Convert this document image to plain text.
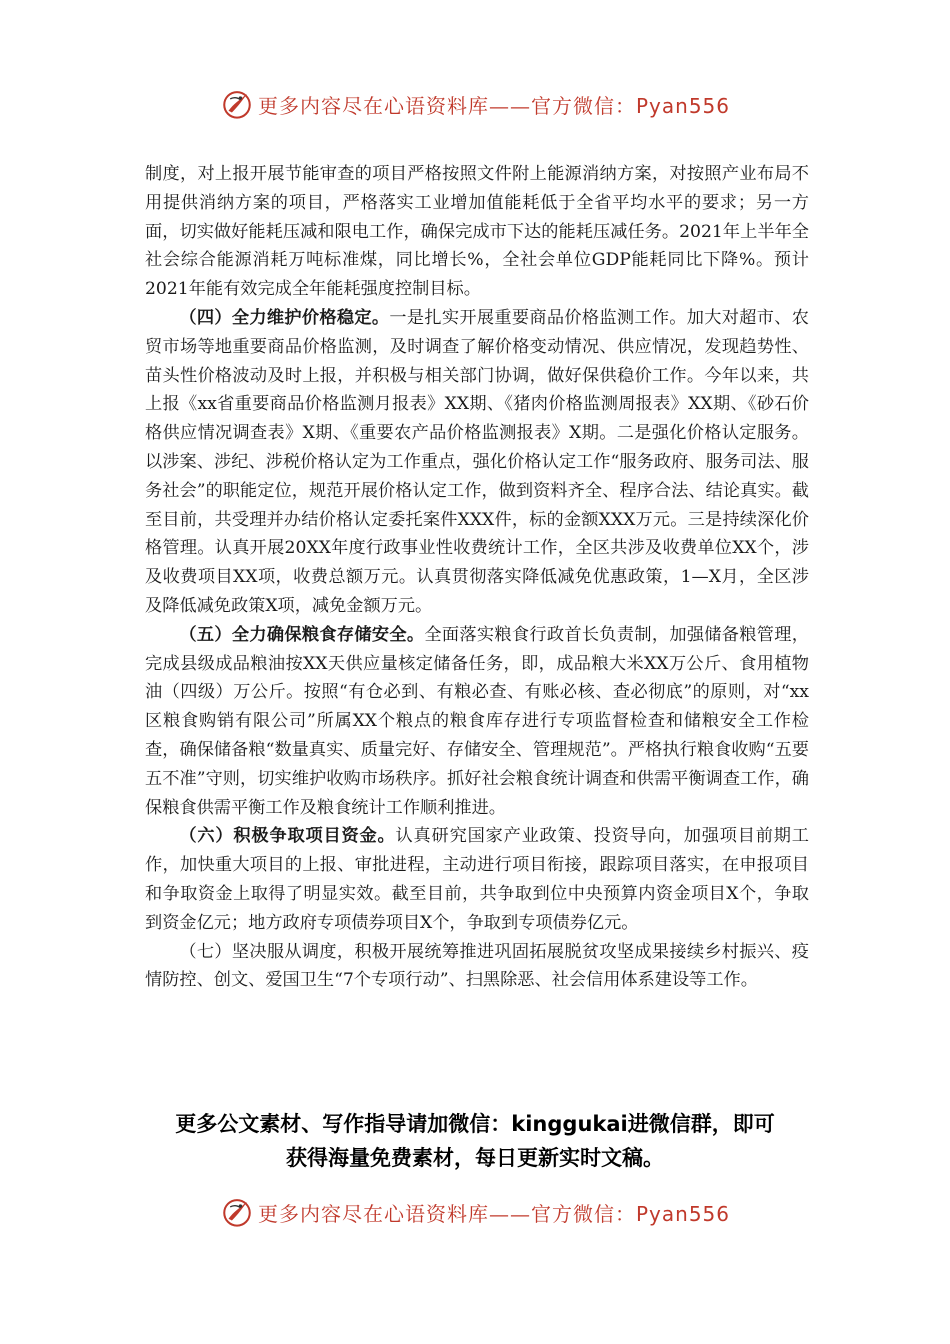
更多内容尽在心语资料库——官方微信：Pyan556

制度，对上报开展节能审查的项目严格按照文件附上能源消纳方案，对按照产业布局不用提供消纳方案的项目，严格落实工业增加值能耗低于全省平均水平的要求；另一方面，切实做好能耗压减和限电工作，确保完成市下达的能耗压减任务。2021年上半年全社会综合能源消耗万吨标准煤，同比增长%，全社会单位GDP能耗同比下降%。预计2021年能有效完成全年能耗强度控制目标。

（四）全力维护价格稳定。一是扎实开展重要商品价格监测工作。加大对超市、农贸市场等地重要商品价格监测，及时调查了解价格变动情况、供应情况，发现趋势性、苗头性价格波动及时上报，并积极与相关部门协调，做好保供稳价工作。今年以来，共上报《xx省重要商品价格监测月报表》XX期、《猪肉价格监测周报表》XX期、《砂石价格供应情况调查表》X期、《重要农产品价格监测报表》X期。二是强化价格认定服务。以涉案、涉纪、涉税价格认定为工作重点，强化价格认定工作“服务政府、服务司法、服务社会”的职能定位，规范开展价格认定工作，做到资料齐全、程序合法、结论真实。截至目前，共受理并办结价格认定委托案件XXX件，标的金额XXX万元。三是持续深化价格管理。认真开展20XX年度行政事业性收费统计工作，全区共涉及收费单位XX个，涉及收费项目XX项，收费总额万元。认真贯彻落实降低减免优惠政策，1—X月，全区涉及降低减免政策X项，减免金额万元。

（五）全力确保粮食存储安全。全面落实粮食行政首长负责制，加强储备粮管理，完成县级成品粮油按XX天供应量核定储备任务，即，成品粮大米XX万公斤、食用植物油（四级）万公斤。按照“有仓必到、有粮必查、有账必核、查必彻底”的原则，对“xx区粮食购销有限公司”所属XX个粮点的粮食库存进行专项监督检查和储粮安全工作检查，确保储备粮“数量真实、质量完好、存储安全、管理规范”。严格执行粮食收购“五要五不准”守则，切实维护收购市场秩序。抓好社会粮食统计调查和供需平衡调查工作，确保粮食供需平衡工作及粮食统计工作顺利推进。

（六）积极争取项目资金。认真研究国家产业政策、投资导向，加强项目前期工作，加快重大项目的上报、审批进程，主动进行项目衔接，跟踪项目落实，在申报项目和争取资金上取得了明显实效。截至目前，共争取到位中央预算内资金项目X个，争取到资金亿元；地方政府专项债券项目X个，争取到专项债券亿元。

（七）坚决服从调度，积极开展统筹推进巩固拓展脱贫攻坚成果接续乡村振兴、疫情防控、创文、爱国卫生“7个专项行动”、扫黑除恶、社会信用体系建设等工作。

更多公文素材、写作指导请加微信：kinggukai进微信群，即可
获得海量免费素材，每日更新实时文稿。
更多内容尽在心语资料库——官方微信：Pyan556
